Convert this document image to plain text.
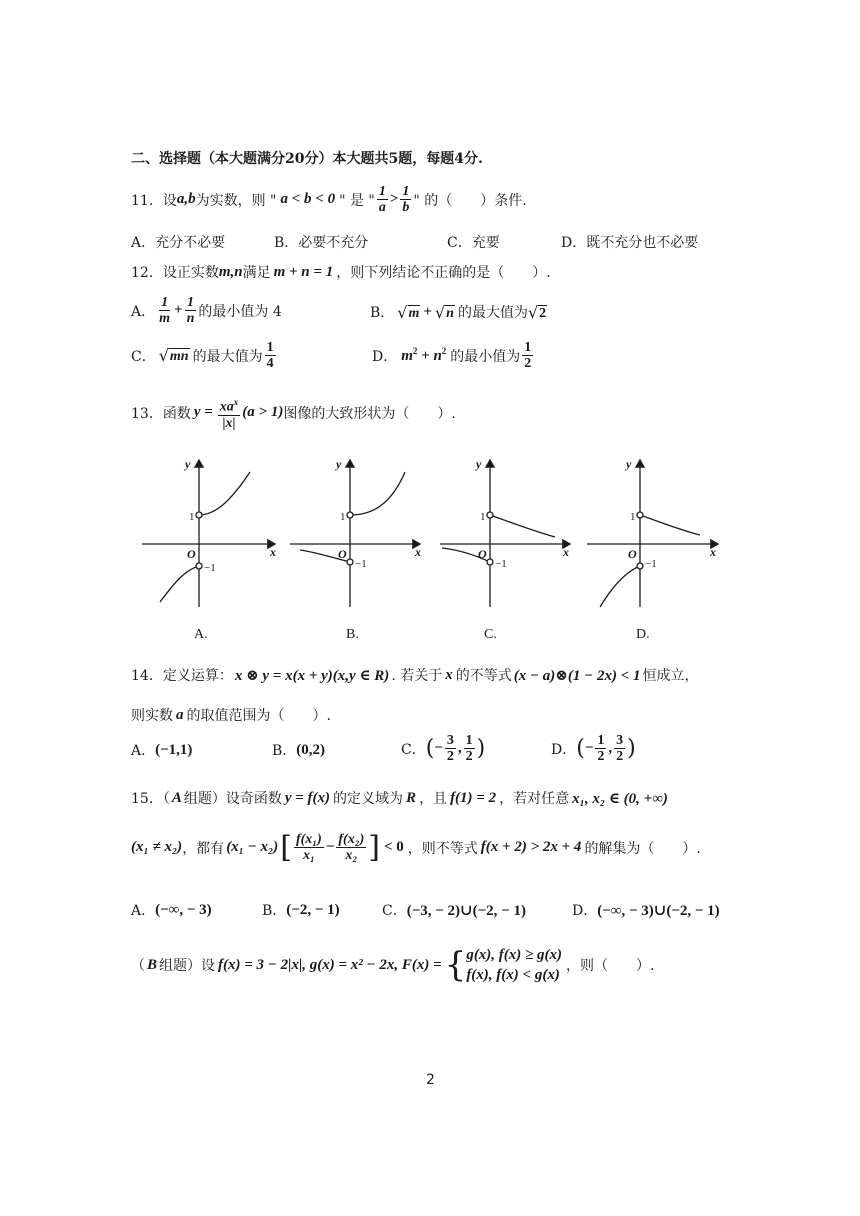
二、选择题（本大题满分20分）本大题共5题，每题4分.
11．设 a,b 为实数，则 " a < b < 0 " 是 " $\frac{1}{a} > \frac{1}{b}$ " 的（　　）条件.
A．充分不必要	B．必要不充分	C．充要	D．既不充分也不必要
12．设正实数 m,n 满足 m + n = 1 ，则下列结论不正确的是（　　）.
A． $\frac{1}{m} + \frac{1}{n}$ 的最小值为 4	B． √ m + √ n 的最大值为 √ 2
C． √ mn 的最大值为 $\frac{1}{4}$	D． $m^2 + n^2$ 的最小值为 $\frac{1}{2}$
13．函数 $y = \frac{xa^x}{|x|} (a > 1)$ 图像的大致形状为（　　）.
y
x
y
x
y
x
y
x
O	O	O	O
1
−1
1
−1
1
−1
1
−1
A.	B.	C.	D.
14．定义运算： x ⊗ y = x(x + y)(x,y ∈ R) . 若关于 x 的不等式 (x − a)⊗(1 − 2x) < 1 恒成立，
则实数 a 的取值范围为（　　）.
A． (−1,1)	B． (0,2)	C． ( − $\frac{3}{2}$ , $\frac{1}{2}$ )	D． ( − $\frac{1}{2}$ , $\frac{3}{2}$ )
15．（ A 组题）设奇函数 y = f(x) 的定义域为 R ，且 f(1) = 2 ，若对任意 x₁, x₂ ∈ (0, +∞)
(x₁ ≠ x₂) ，都有 (x₁ − x₂) [ $\frac{\text{f(x₁)}}{\text{x₁}} - \frac{\text{f(x₂)}}{\text{x₂}}$ ] < 0 ，则不等式 f(x + 2) > 2x + 4 的解集为（　　）.
A． (−∞, − 3)	B． (−2, − 1)	C． (−3, − 2)∪(−2, − 1)	D． (−∞, − 3)∪(−2, − 1)
（ B 组题）设 f(x) = 3 − 2|x|, g(x) = x² − 2x, F(x) = { g(x), f(x) ≥ g(x)
f(x), f(x) < g(x)
，则（　　）.
2
